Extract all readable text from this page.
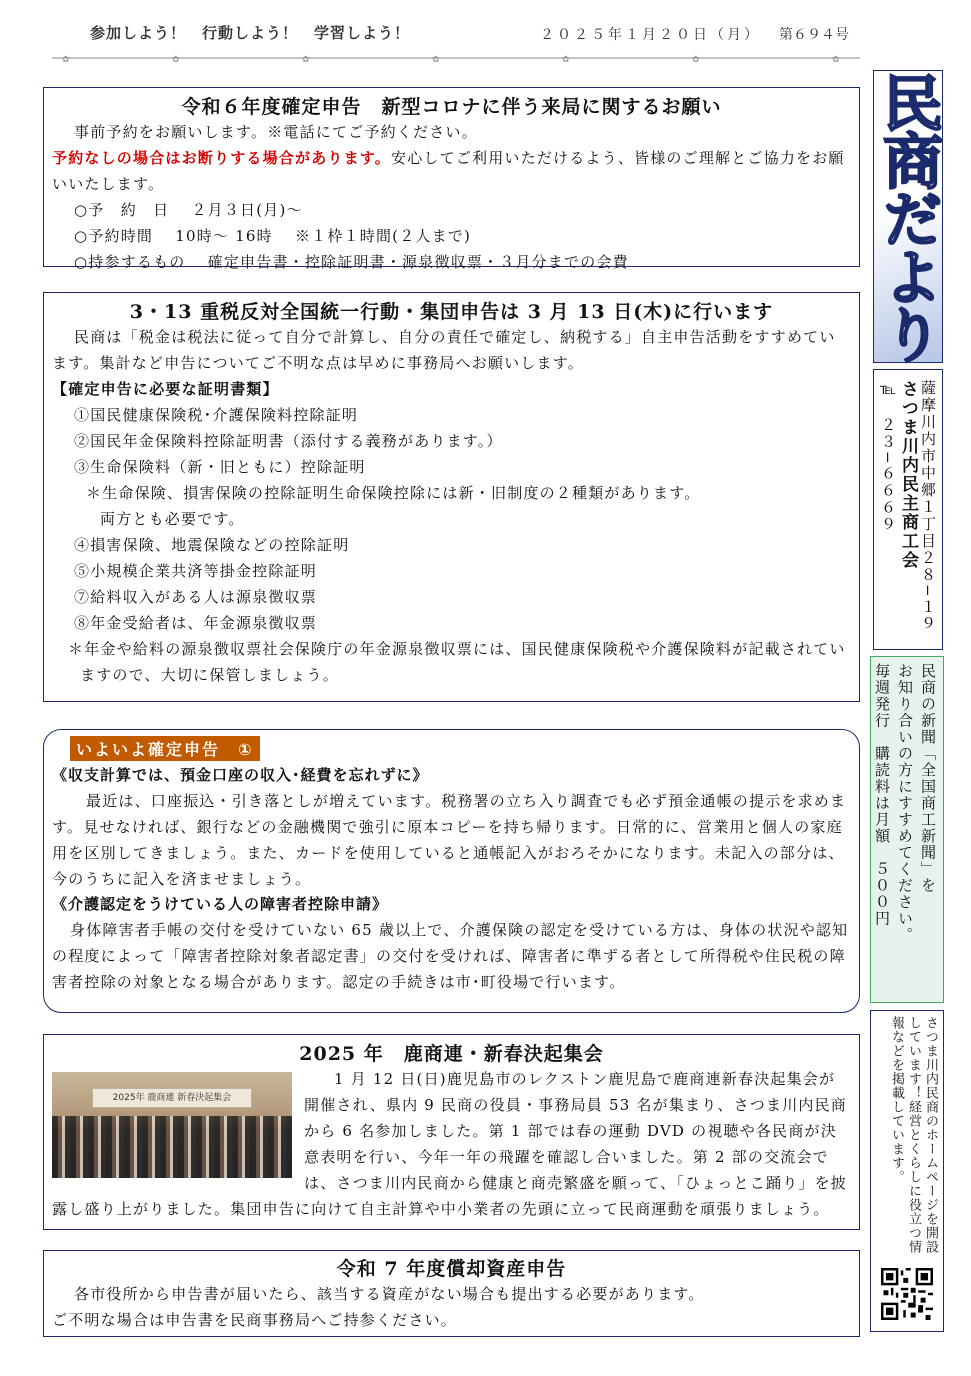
参加しよう！　行動しよう！　学習しよう！	２０２５年１月２０日（月） 第６９４号
✿	✿	✿	✿	✿	✿	✿
令和６年度確定申告　新型コロナに伴う来局に関するお願い
事前予約をお願いします。※電話にてご予約ください。
予約なしの場合はお断りする場合があります。安心してご利用いただけるよう、皆様のご理解とご協力をお願いいたします。
○予　約　日　 ２月３日(月)～
○予約時間　 10時～ 16時　 ※１枠１時間(２人まで)
○持参するもの　 確定申告書・控除証明書・源泉徴収票・３月分までの会費
3・13 重税反対全国統一行動・集団申告は 3 月 13 日(木)に行います
民商は「税金は税法に従って自分で計算し、自分の責任で確定し、納税する」自主申告活動をすすめています。集計など申告についてご不明な点は早めに事務局へお願いします。
【確定申告に必要な証明書類】
①国民健康保険税･介護保険料控除証明
②国民年金保険料控除証明書（添付する義務があります。）
③生命保険料（新・旧ともに）控除証明
＊生命保険、損害保険の控除証明生命保険控除には新・旧制度の２種類があります。
両方とも必要です。
④損害保険、地震保険などの控除証明
⑤小規模企業共済等掛金控除証明
⑦給料収入がある人は源泉徴収票
⑧年金受給者は、年金源泉徴収票
＊年金や給料の源泉徴収票社会保険庁の年金源泉徴収票には、国民健康保険税や介護保険料が記載されていますので、大切に保管しましょう。
いよいよ確定申告　①
《収支計算では、預金口座の収入･経費を忘れずに》
最近は、口座振込・引き落としが増えています。税務署の立ち入り調査でも必ず預金通帳の提示を求めます。見せなければ、銀行などの金融機関で強引に原本コピーを持ち帰ります。日常的に、営業用と個人の家庭用を区別してきましょう。また、カードを使用していると通帳記入がおろそかになります。未記入の部分は、今のうちに記入を済ませましょう。
《介護認定をうけている人の障害者控除申請》
身体障害者手帳の交付を受けていない 65 歳以上で、介護保険の認定を受けている方は、身体の状況や認知の程度によって「障害者控除対象者認定書」の交付を受ければ、障害者に準ずる者として所得税や住民税の障害者控除の対象となる場合があります。認定の手続きは市･町役場で行います。
2025 年　鹿商連・新春決起集会
2025年 鹿商連 新春決起集会
1 月 12 日(日)鹿児島市のレクストン鹿児島で鹿商連新春決起集会が開催され、県内 9 民商の役員・事務局員 53 名が集まり、さつま川内民商から 6 名参加しました。第 1 部では春の運動 DVD の視聴や各民商が決意表明を行い、今年一年の飛躍を確認し合いました。第 2 部の交流会では、さつま川内民商から健康と商売繁盛を願って、「ひょっとこ踊り」を披露し盛り上がりました。集団申告に向けて自主計算や中小業者の先頭に立って民商運動を頑張りましょう。
令和 7 年度償却資産申告
各市役所から申告書が届いたら、該当する資産がない場合も提出する必要があります。
ご不明な場合は申告書を民商事務局へご持参ください。
民商だより
薩摩川内市中郷１丁目２８−１９
さつま川内民主商工会
℡　２３−６６６９
民商の新聞「全国商工新聞」を
お知り合いの方にすすめてください。
毎週発行　購読料は月額　５００円
さつま川内民商のホームページを開設しています！経営とくらしに役立つ情報などを掲載しています。
